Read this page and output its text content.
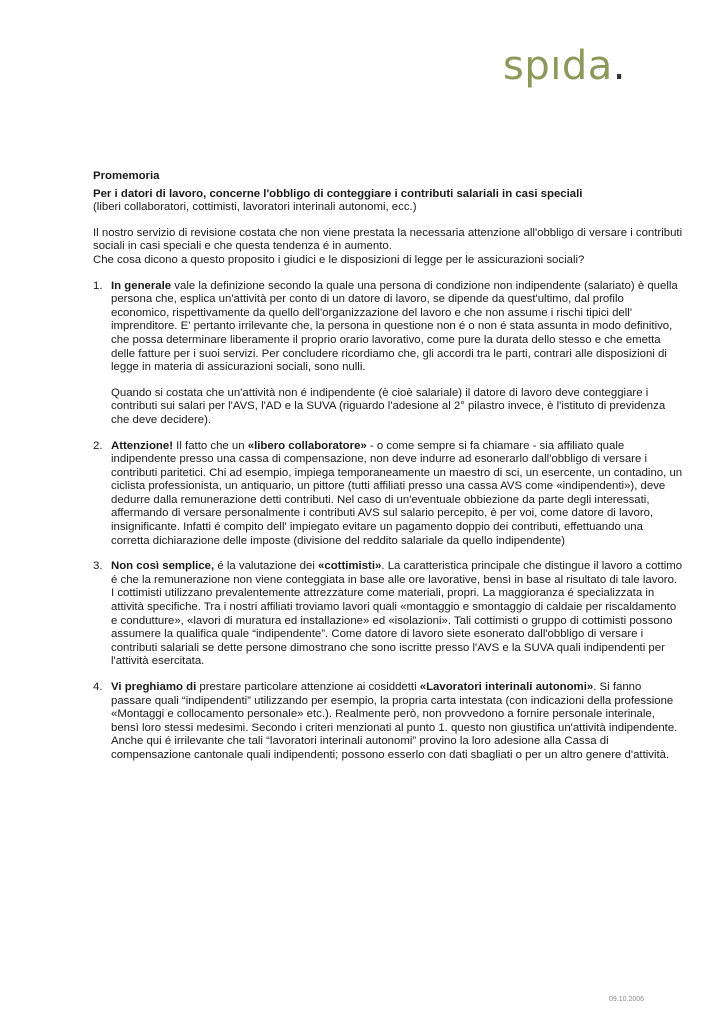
spıda.

Promemoria

Per i datori di lavoro, concerne l'obbligo di conteggiare i contributi salariali in casi speciali

(liberi collaboratori, cottimisti, lavoratori interinali autonomi, ecc.)

Il nostro servizio di revisione costata che non viene prestata la necessaria attenzione all'obbligo di versare i contributi sociali in casi speciali e che questa tendenza é in aumento.

Che cosa dicono a questo proposito i giudici e le disposizioni di legge per le assicurazioni sociali?

1. In generale vale la definizione secondo la quale una persona di condizione non indipendente (salariato) è quella persona che, esplica un'attività per conto di un datore di lavoro, se dipende da quest'ultimo, dal profilo economico, rispettivamente da quello dell'organizzazione del lavoro e che non assume i rischi tipici dell' imprenditore. E' pertanto irrilevante che, la persona in questione non é o non é stata assunta in modo definitivo, che possa determinare liberamente il proprio orario lavorativo, come pure la durata dello stesso e che emetta delle fatture per i suoi servizi. Per concludere ricordiamo che, gli accordi tra le parti, contrari alle disposizioni di legge in materia di assicurazioni sociali, sono nulli.

Quando si costata che un'attività non é indipendente (è cioè salariale) il datore di lavoro deve conteggiare i contributi sui salari per l'AVS, l'AD e la SUVA (riguardo l'adesione al 2° pilastro invece, è l'istituto di previdenza che deve decidere).

2. Attenzione! Il fatto che un «libero collaboratore» - o come sempre si fa chiamare - sia affiliato quale indipendente presso una cassa di compensazione, non deve indurre ad esonerarlo dall'obbligo di versare i contributi paritetici. Chi ad esempio, impiega temporaneamente un maestro di sci, un esercente, un contadino, un ciclista professionista, un antiquario, un pittore (tutti affiliati presso una cassa AVS come «indipendenti»), deve dedurre dalla remunerazione detti contributi. Nel caso di un'eventuale obbiezione da parte degli interessati, affermando di versare personalmente i contributi AVS sul salario percepito, è per voi, come datore di lavoro, insignificante. Infatti é compito dell' impiegato evitare un pagamento doppio dei contributi, effettuando una corretta dichiarazione delle imposte (divisione del reddito salariale da quello indipendente)

3. Non così semplice, é la valutazione dei «cottimisti». La caratteristica principale che distingue il lavoro a cottimo é che la remunerazione non viene conteggiata in base alle ore lavorative, bensì in base al risultato di tale lavoro. I cottimisti utilizzano prevalentemente attrezzature come materiali, propri. La maggioranza é specializzata in attività specifiche. Tra i nostri affiliati troviamo lavori quali «montaggio e smontaggio di caldaie per riscaldamento e condutture», «lavori di muratura ed installazione» ed «isolazioni». Tali cottimisti o gruppo di cottimisti possono assumere la qualifica quale “indipendente”. Come datore di lavoro siete esonerato dall'obbligo di versare i contributi salariali se dette persone dimostrano che sono iscritte presso l'AVS e la SUVA quali indipendenti per l'attività esercitata.

4. Vi preghiamo di prestare particolare attenzione ai cosiddetti «Lavoratori interinali autonomi». Si fanno passare quali “indipendenti” utilizzando per esempio, la propria carta intestata (con indicazioni della professione «Montaggi e collocamento personale» etc.). Realmente però, non provvedono a fornire personale interinale, bensì loro stessi medesimi. Secondo i criteri menzionati al punto 1. questo non giustifica un'attività indipendente. Anche qui é irrilevante che tali “lavoratori interinali autonomi” provino la loro adesione alla Cassa di compensazione cantonale quali indipendenti; possono esserlo con dati sbagliati o per un altro genere d'attività.

09.10.2006
